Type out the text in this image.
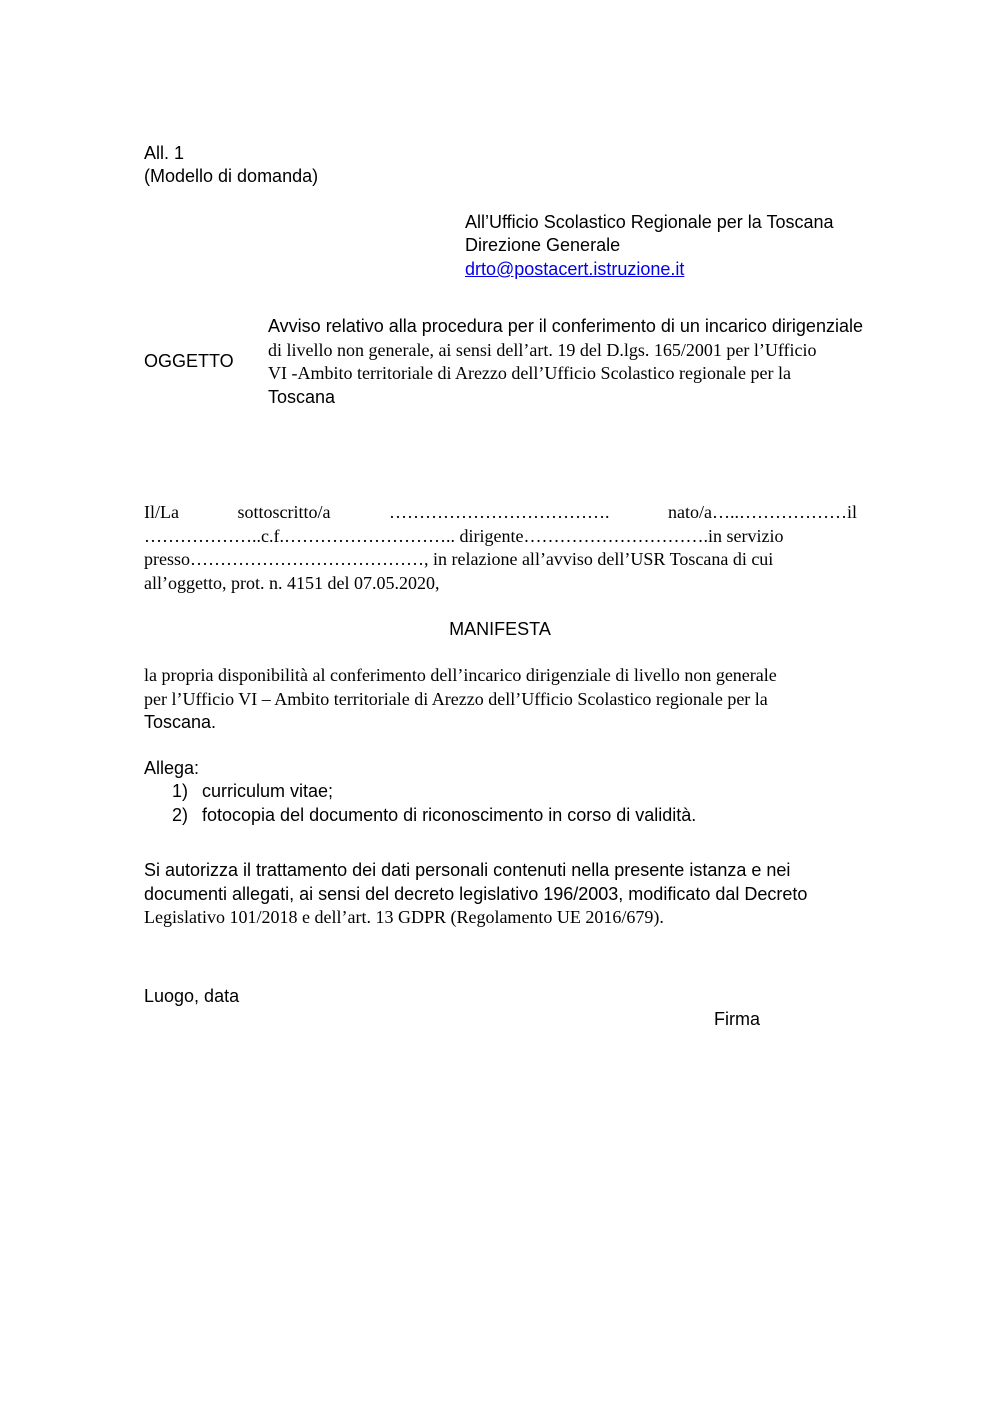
All. 1
(Modello di domanda)
All’Ufficio Scolastico Regionale per la Toscana
Direzione Generale
drto@postacert.istruzione.it
OGGETTO
Avviso relativo alla procedura per il conferimento di un incarico dirigenziale
di livello non generale, ai sensi dell’art. 19 del D.lgs. 165/2001 per l’Ufficio
VI -Ambito territoriale di Arezzo dell’Ufficio Scolastico regionale per la
Toscana
Il/La	sottoscritto/a	……………………………….	nato/a…..………………il
………………..c.f.……………………….. dirigente………………………….in servizio
presso…………………………………, in relazione all’avviso dell’USR Toscana di cui
all’oggetto, prot. n. 4151 del 07.05.2020,
MANIFESTA
la propria disponibilità al conferimento dell’incarico dirigenziale di livello non generale
per l’Ufficio VI – Ambito territoriale di Arezzo dell’Ufficio Scolastico regionale per la
Toscana.
Allega:
1) curriculum vitae;
2) fotocopia del documento di riconoscimento in corso di validità.
Si autorizza il trattamento dei dati personali contenuti nella presente istanza e nei
documenti allegati, ai sensi del decreto legislativo 196/2003, modificato dal Decreto
Legislativo 101/2018 e dell’art. 13 GDPR (Regolamento UE 2016/679).
Luogo, data
Firma
